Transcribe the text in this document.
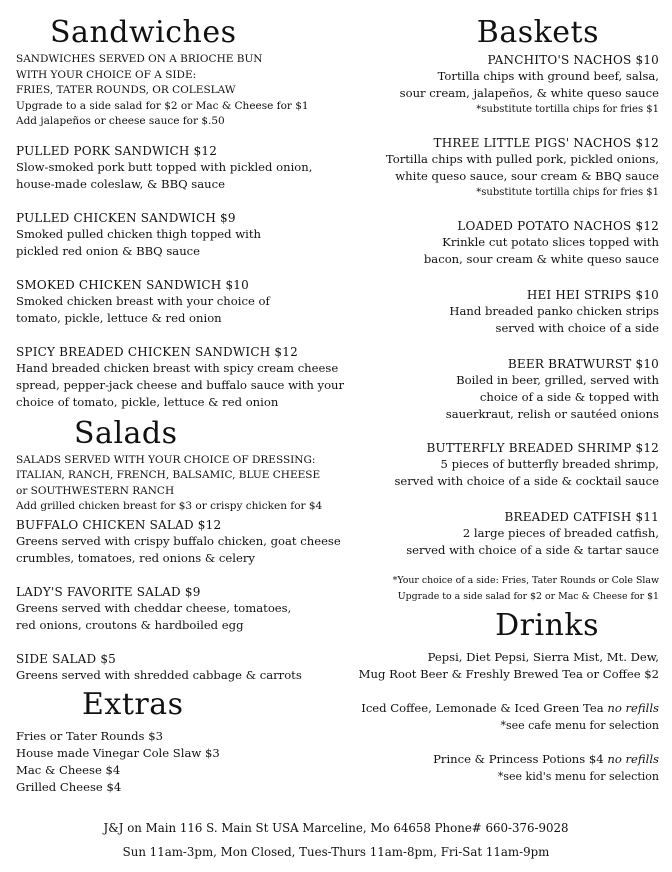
Sandwiches
SANDWICHES SERVED ON A BRIOCHE BUN
WITH YOUR CHOICE OF A SIDE:
FRIES, TATER ROUNDS, OR COLESLAW
Upgrade to a side salad for $2 or Mac & Cheese for $1
Add jalapeños or cheese sauce for $.50
PULLED PORK SANDWICH $12
Slow-smoked pork butt topped with pickled onion,
house-made coleslaw, & BBQ sauce
PULLED CHICKEN SANDWICH $9
Smoked pulled chicken thigh topped with
pickled red onion & BBQ sauce
SMOKED CHICKEN SANDWICH $10
Smoked chicken breast with your choice of
tomato, pickle, lettuce & red onion
SPICY BREADED CHICKEN SANDWICH $12
Hand breaded chicken breast with spicy cream cheese
spread, pepper-jack cheese and buffalo sauce with your
choice of tomato, pickle, lettuce & red onion
Salads
SALADS SERVED WITH YOUR CHOICE OF DRESSING:
ITALIAN, RANCH, FRENCH, BALSAMIC, BLUE CHEESE
or SOUTHWESTERN RANCH
Add grilled chicken breast for $3 or crispy chicken for $4
BUFFALO CHICKEN SALAD $12
Greens served with crispy buffalo chicken, goat cheese
crumbles, tomatoes, red onions & celery
LADY'S FAVORITE SALAD $9
Greens served with cheddar cheese, tomatoes,
red onions, croutons & hardboiled egg
SIDE SALAD $5
Greens served with shredded cabbage & carrots
Extras
Fries or Tater Rounds $3
House made Vinegar Cole Slaw $3
Mac & Cheese $4
Grilled Cheese $4
Baskets
PANCHITO'S NACHOS $10
Tortilla chips with ground beef, salsa,
sour cream, jalapeños, & white queso sauce
*substitute tortilla chips for fries $1
THREE LITTLE PIGS' NACHOS $12
Tortilla chips with pulled pork, pickled onions,
white queso sauce, sour cream & BBQ sauce
*substitute tortilla chips for fries $1
LOADED POTATO NACHOS $12
Krinkle cut potato slices topped with
bacon, sour cream & white queso sauce
HEI HEI STRIPS $10
Hand breaded panko chicken strips
served with choice of a side
BEER BRATWURST $10
Boiled in beer, grilled, served with
choice of a side & topped with
sauerkraut, relish or sautéed onions
BUTTERFLY BREADED SHRIMP $12
5 pieces of butterfly breaded shrimp,
served with choice of a side & cocktail sauce
BREADED CATFISH $11
2 large pieces of breaded catfish,
served with choice of a side & tartar sauce
*Your choice of a side: Fries, Tater Rounds or Cole Slaw
Upgrade to a side salad for $2 or Mac & Cheese for $1
Drinks
Pepsi, Diet Pepsi, Sierra Mist, Mt. Dew,
Mug Root Beer & Freshly Brewed Tea or Coffee $2
Iced Coffee, Lemonade & Iced Green Tea no refills
*see cafe menu for selection
Prince & Princess Potions $4 no refills
*see kid's menu for selection
J&J on Main 116 S. Main St USA Marceline, Mo 64658 Phone# 660-376-9028
Sun 11am-3pm, Mon Closed, Tues-Thurs 11am-8pm, Fri-Sat 11am-9pm
